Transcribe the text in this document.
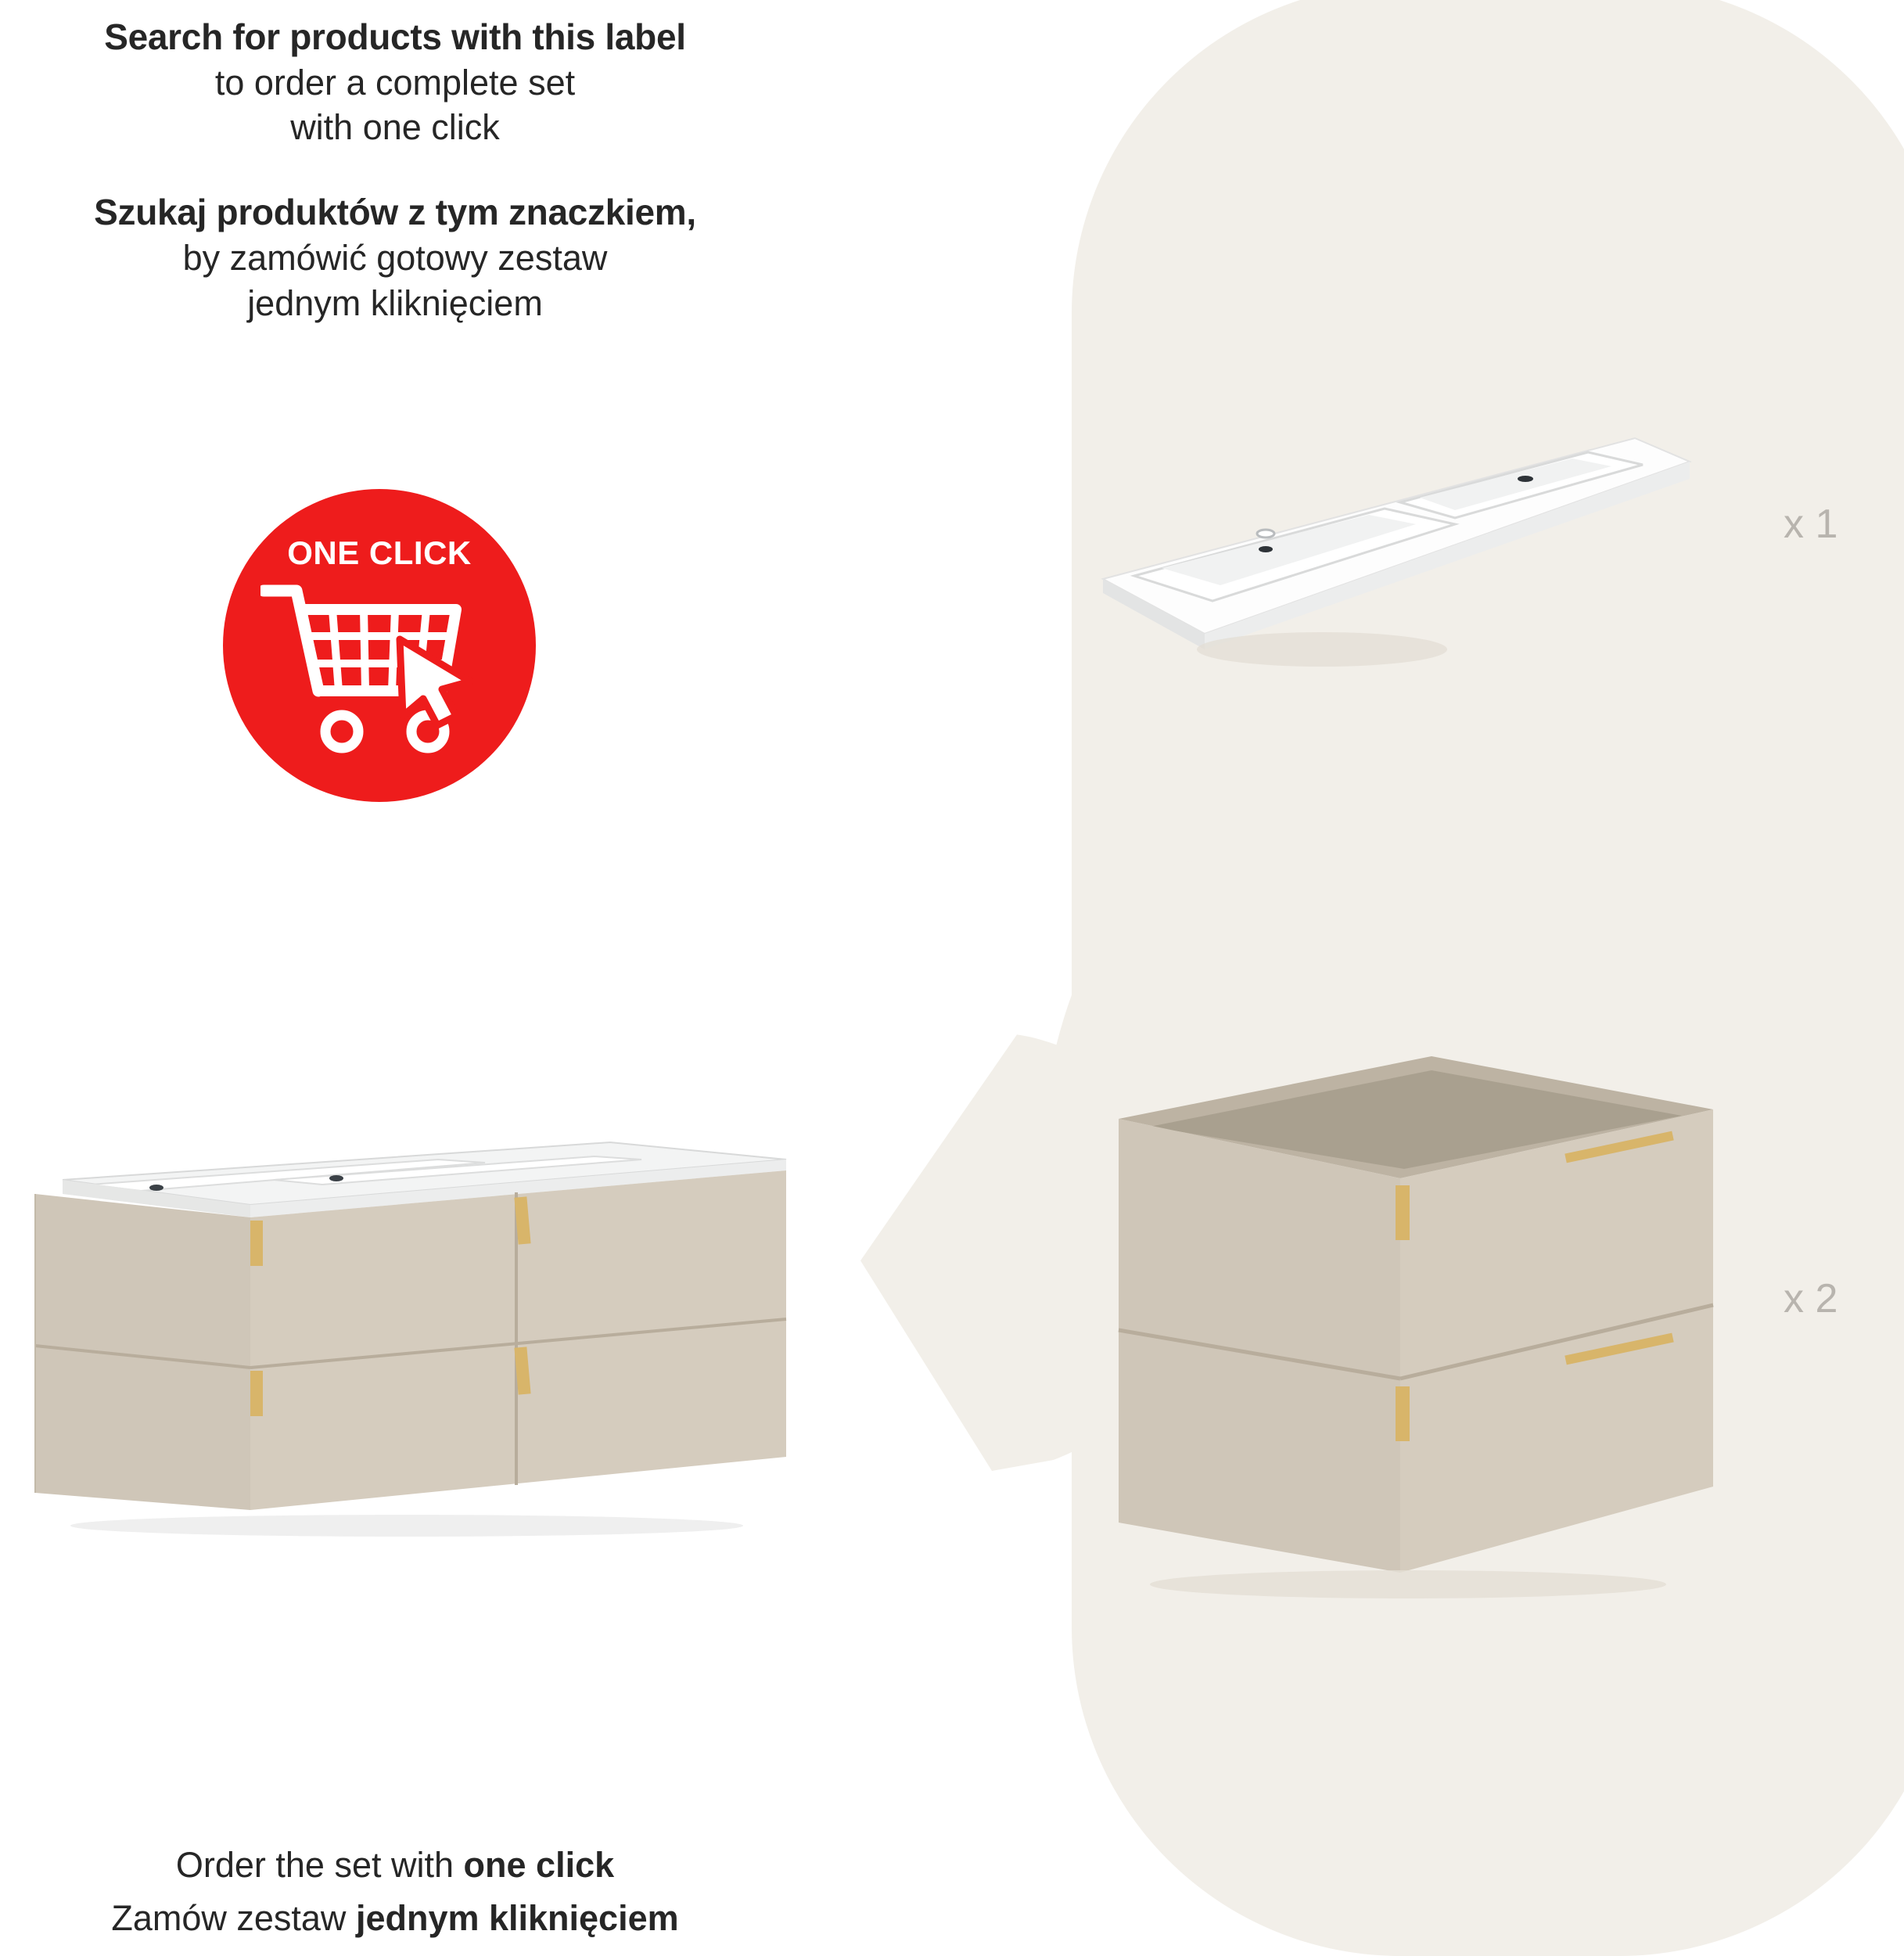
Search for products with this label
to order a complete set
with one click
Szukaj produktów z tym znaczkiem,
by zamówić gotowy zestaw
jednym kliknięciem
ONE CLICK
x 1
x 2
Order the set with one click
Zamów zestaw jednym kliknięciem
